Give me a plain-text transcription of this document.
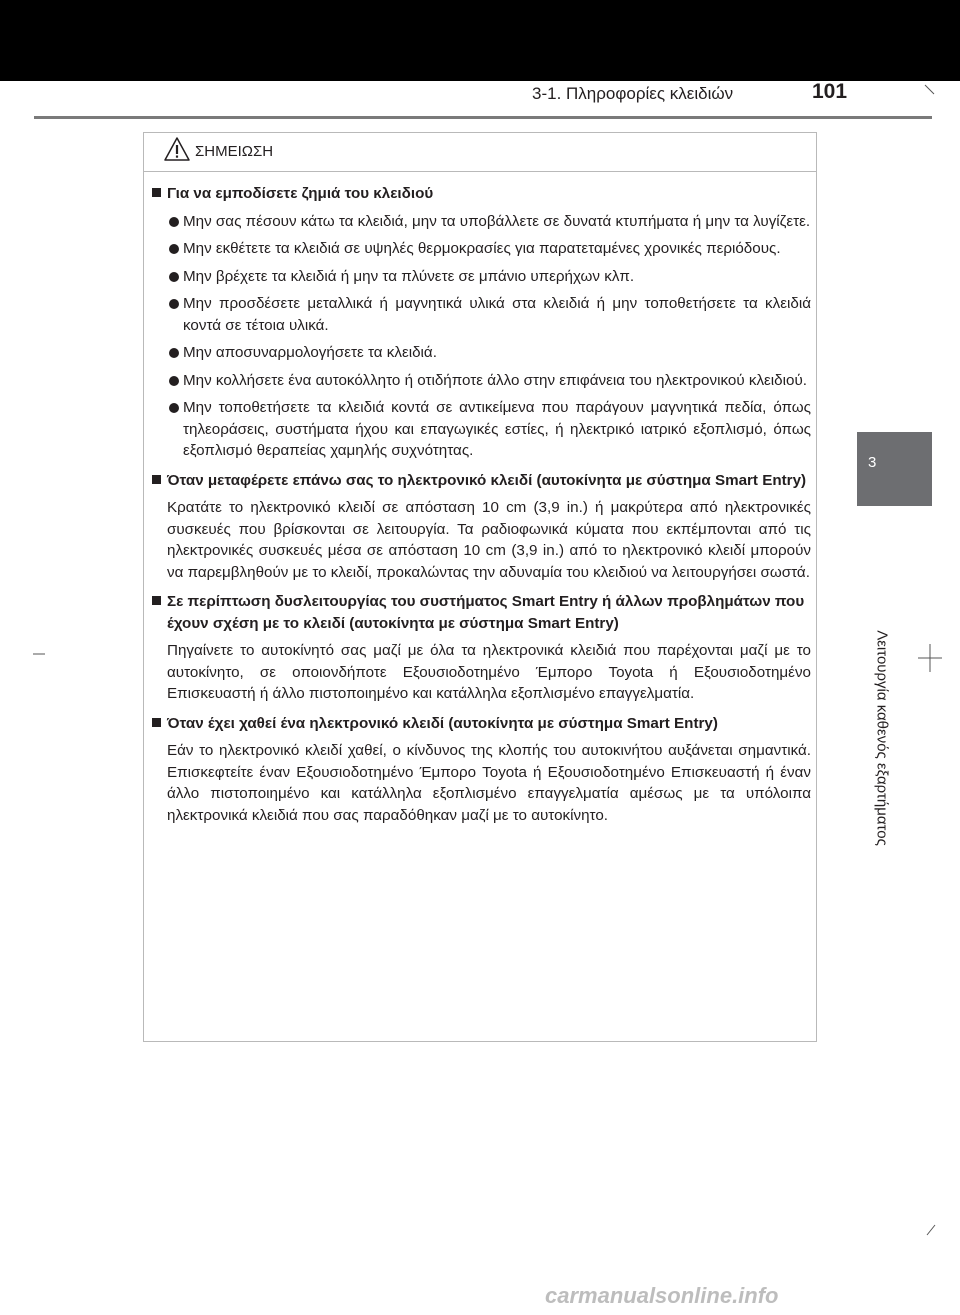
3-1. Πληροφορίες κλειδιών	101
3
Λειτουργία καθενός εξαρτήματος
ΣΗΜΕΙΩΣΗ
Για να εμποδίσετε ζημιά του κλειδιού
Μην σας πέσουν κάτω τα κλειδιά, μην τα υποβάλλετε σε δυνατά κτυπήματα ή μην τα λυγίζετε.
Μην εκθέτετε τα κλειδιά σε υψηλές θερμοκρασίες για παρατεταμένες χρονικές περιόδους.
Μην βρέχετε τα κλειδιά ή μην τα πλύνετε σε μπάνιο υπερήχων κλπ.
Μην προσδέσετε μεταλλικά ή μαγνητικά υλικά στα κλειδιά ή μην τοποθετήσετε τα κλειδιά κοντά σε τέτοια υλικά.
Μην αποσυναρμολογήσετε τα κλειδιά.
Μην κολλήσετε ένα αυτοκόλλητο ή οτιδήποτε άλλο στην επιφάνεια του ηλεκτρονικού κλειδιού.
Μην τοποθετήσετε τα κλειδιά κοντά σε αντικείμενα που παράγουν μαγνητικά πεδία, όπως τηλεοράσεις, συστήματα ήχου και επαγωγικές εστίες, ή ηλεκτρικό ιατρικό εξοπλισμό, όπως εξοπλισμό θεραπείας χαμηλής συχνότητας.
Όταν μεταφέρετε επάνω σας το ηλεκτρονικό κλειδί (αυτοκίνητα με σύστημα Smart Entry)
Κρατάτε το ηλεκτρονικό κλειδί σε απόσταση 10 cm (3,9 in.) ή μακρύτερα από ηλεκτρονικές συσκευές που βρίσκονται σε λειτουργία. Τα ραδιοφωνικά κύματα που εκπέμπονται από τις ηλεκτρονικές συσκευές μέσα σε απόσταση 10 cm (3,9 in.) από το ηλεκτρονικό κλειδί μπορούν να παρεμβληθούν με το κλειδί, προκαλώντας την αδυναμία του κλειδιού να λειτουργήσει σωστά.
Σε περίπτωση δυσλειτουργίας του συστήματος Smart Entry ή άλλων προβλημάτων που έχουν σχέση με το κλειδί (αυτοκίνητα με σύστημα Smart Entry)
Πηγαίνετε το αυτοκίνητό σας μαζί με όλα τα ηλεκτρονικά κλειδιά που παρέχονται μαζί με το αυτοκίνητο, σε οποιονδήποτε Εξουσιοδοτημένο Έμπορο Toyota ή Εξουσιοδοτημένο Επισκευαστή ή άλλο πιστοποιημένο και κατάλληλα εξοπλισμένο επαγγελματία.
Όταν έχει χαθεί ένα ηλεκτρονικό κλειδί (αυτοκίνητα με σύστημα Smart Entry)
Εάν το ηλεκτρονικό κλειδί χαθεί, ο κίνδυνος της κλοπής του αυτοκινήτου αυξάνεται σημαντικά. Επισκεφτείτε έναν Εξουσιοδοτημένο Έμπορο Toyota ή Εξουσιοδοτημένο Επισκευαστή ή έναν άλλο πιστοποιημένο και κατάλληλα εξοπλισμένο επαγγελματία αμέσως με τα υπόλοιπα ηλεκτρονικά κλειδιά που σας παραδόθηκαν μαζί με το αυτοκίνητο.
carmanualsonline.info
